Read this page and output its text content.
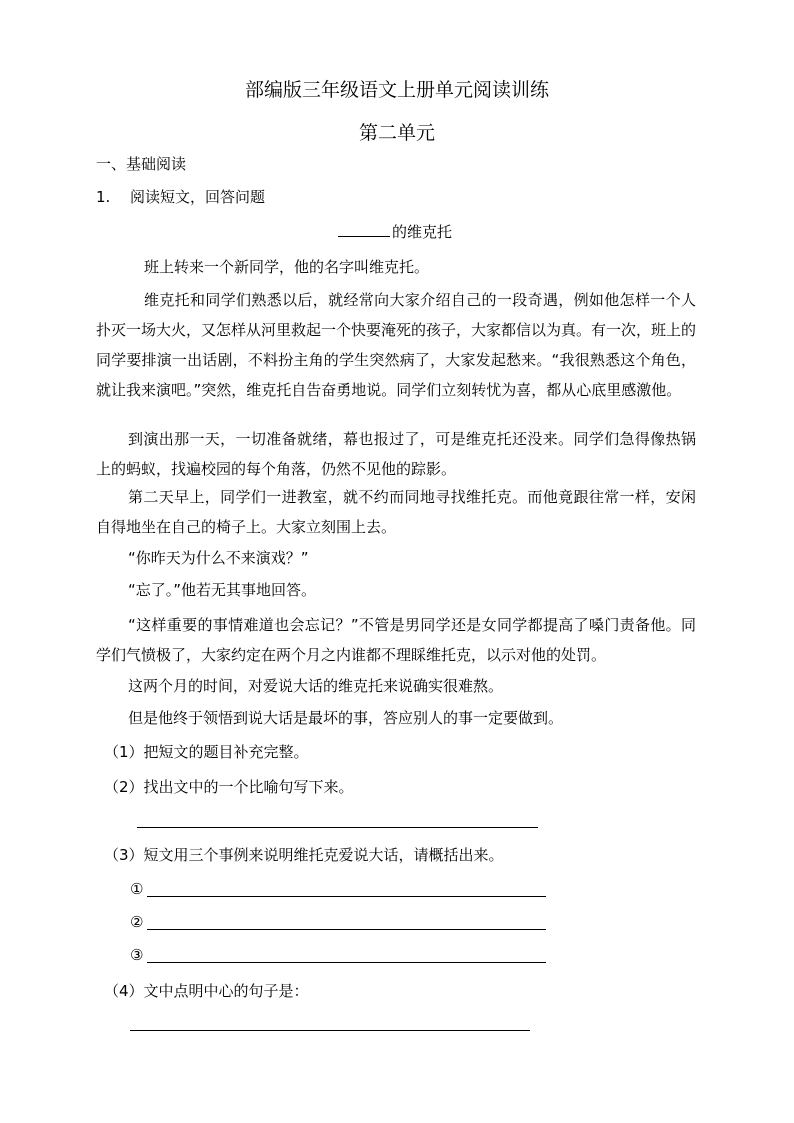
部编版三年级语文上册单元阅读训练
第二单元
一、基础阅读
1. 阅读短文，回答问题
的维克托
班上转来一个新同学，他的名字叫维克托。
维克托和同学们熟悉以后，就经常向大家介绍自己的一段奇遇，例如他怎样一个人扑灭一场大火，又怎样从河里救起一个快要淹死的孩子，大家都信以为真。有一次，班上的同学要排演一出话剧，不料扮主角的学生突然病了，大家发起愁来。“我很熟悉这个角色，就让我来演吧。”突然，维克托自告奋勇地说。同学们立刻转忧为喜，都从心底里感激他。
到演出那一天，一切准备就绪，幕也报过了，可是维克托还没来。同学们急得像热锅上的蚂蚁，找遍校园的每个角落，仍然不见他的踪影。
第二天早上，同学们一进教室，就不约而同地寻找维托克。而他竟跟往常一样，安闲自得地坐在自己的椅子上。大家立刻围上去。
“你昨天为什么不来演戏？”
“忘了。”他若无其事地回答。
“这样重要的事情难道也会忘记？”不管是男同学还是女同学都提高了嗓门责备他。同学们气愤极了，大家约定在两个月之内谁都不理睬维托克，以示对他的处罚。
这两个月的时间，对爱说大话的维克托来说确实很难熬。
但是他终于领悟到说大话是最坏的事，答应别人的事一定要做到。
（1）把短文的题目补充完整。
（2）找出文中的一个比喻句写下来。
（3）短文用三个事例来说明维托克爱说大话，请概括出来。
①
②
③
（4）文中点明中心的句子是：
